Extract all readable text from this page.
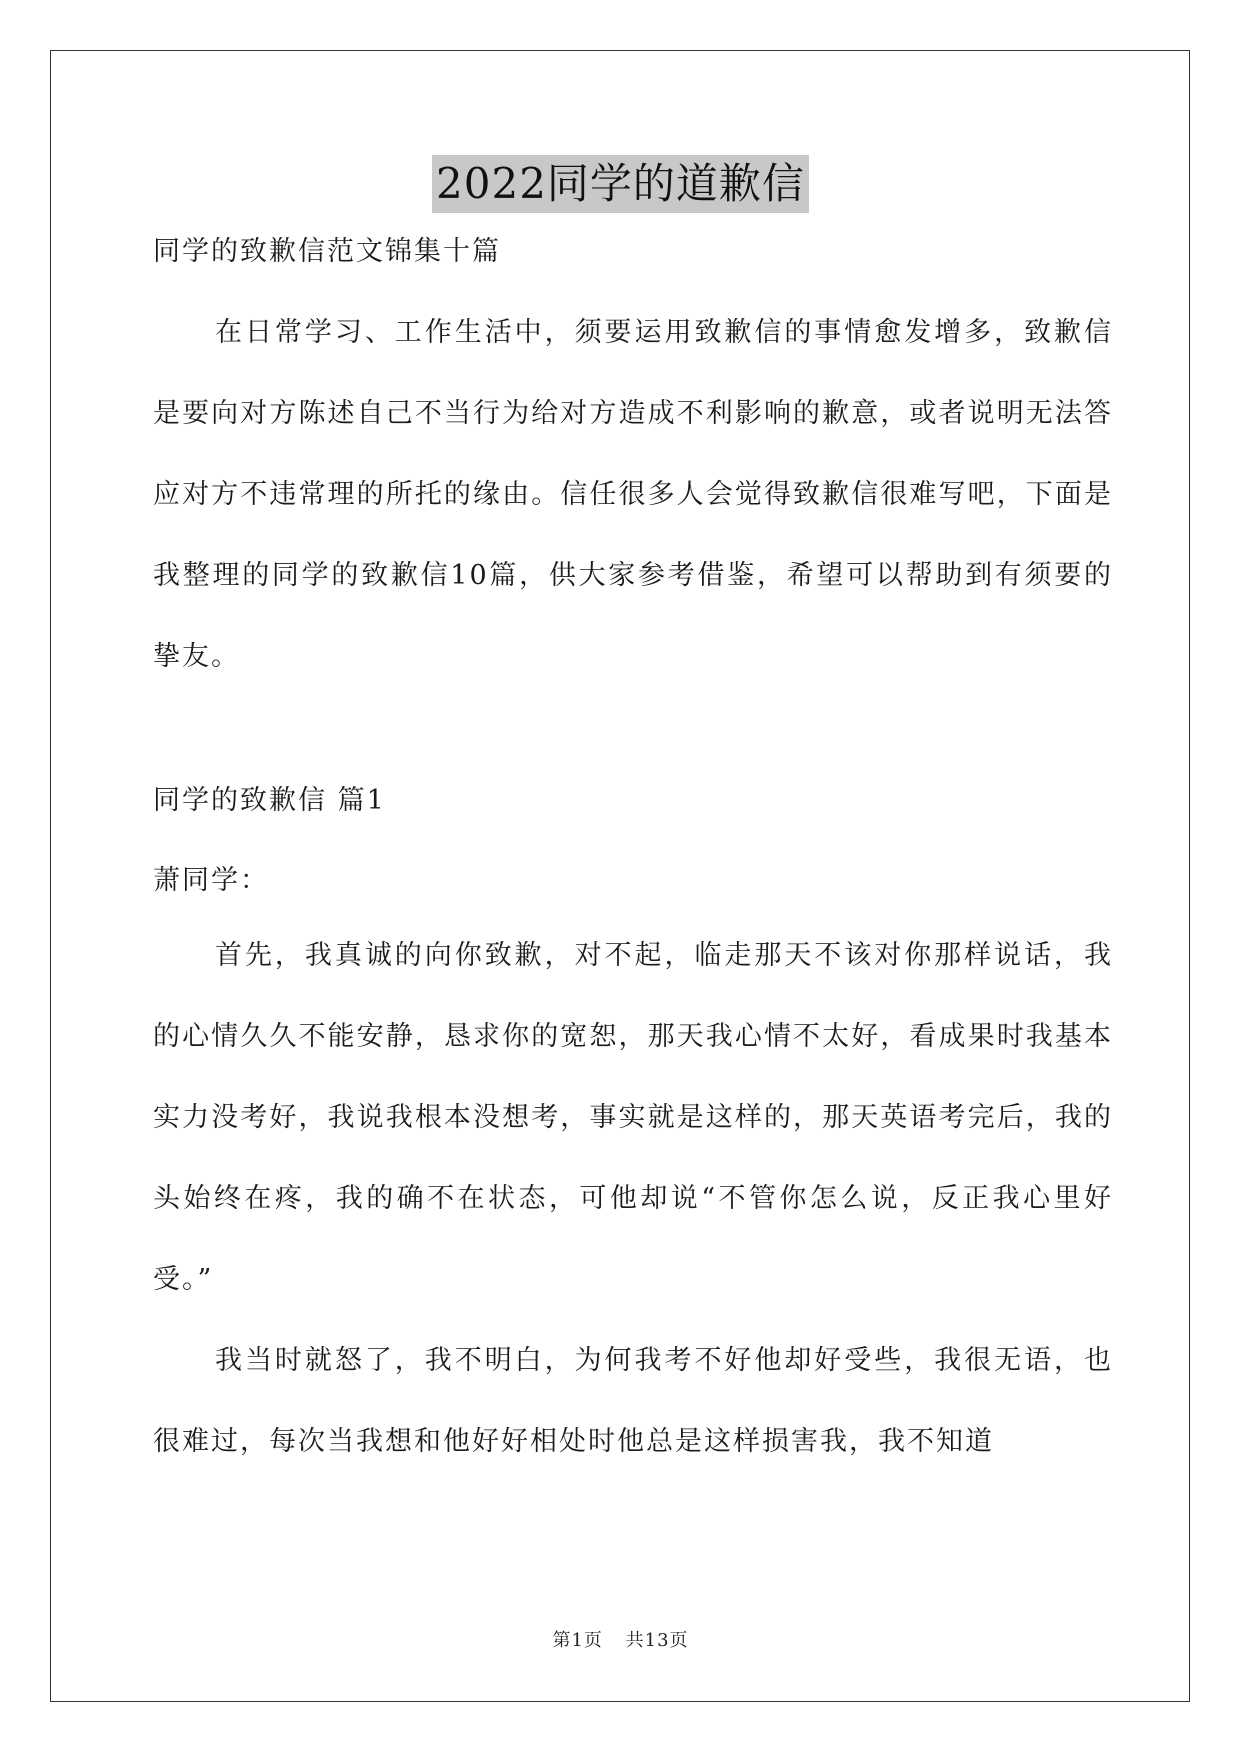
2022同学的道歉信
同学的致歉信范文锦集十篇
在日常学习、工作生活中，须要运用致歉信的事情愈发增多，致歉信是要向对方陈述自己不当行为给对方造成不利影响的歉意，或者说明无法答应对方不违常理的所托的缘由。信任很多人会觉得致歉信很难写吧，下面是我整理的同学的致歉信10篇，供大家参考借鉴，希望可以帮助到有须要的挚友。
同学的致歉信 篇1
萧同学：
首先，我真诚的向你致歉，对不起，临走那天不该对你那样说话，我的心情久久不能安静，恳求你的宽恕，那天我心情不太好，看成果时我基本实力没考好，我说我根本没想考，事实就是这样的，那天英语考完后，我的头始终在疼，我的确不在状态，可他却说“不管你怎么说，反正我心里好受。”
我当时就怒了，我不明白，为何我考不好他却好受些，我很无语，也很难过，每次当我想和他好好相处时他总是这样损害我，我不知道
第1页 共13页
